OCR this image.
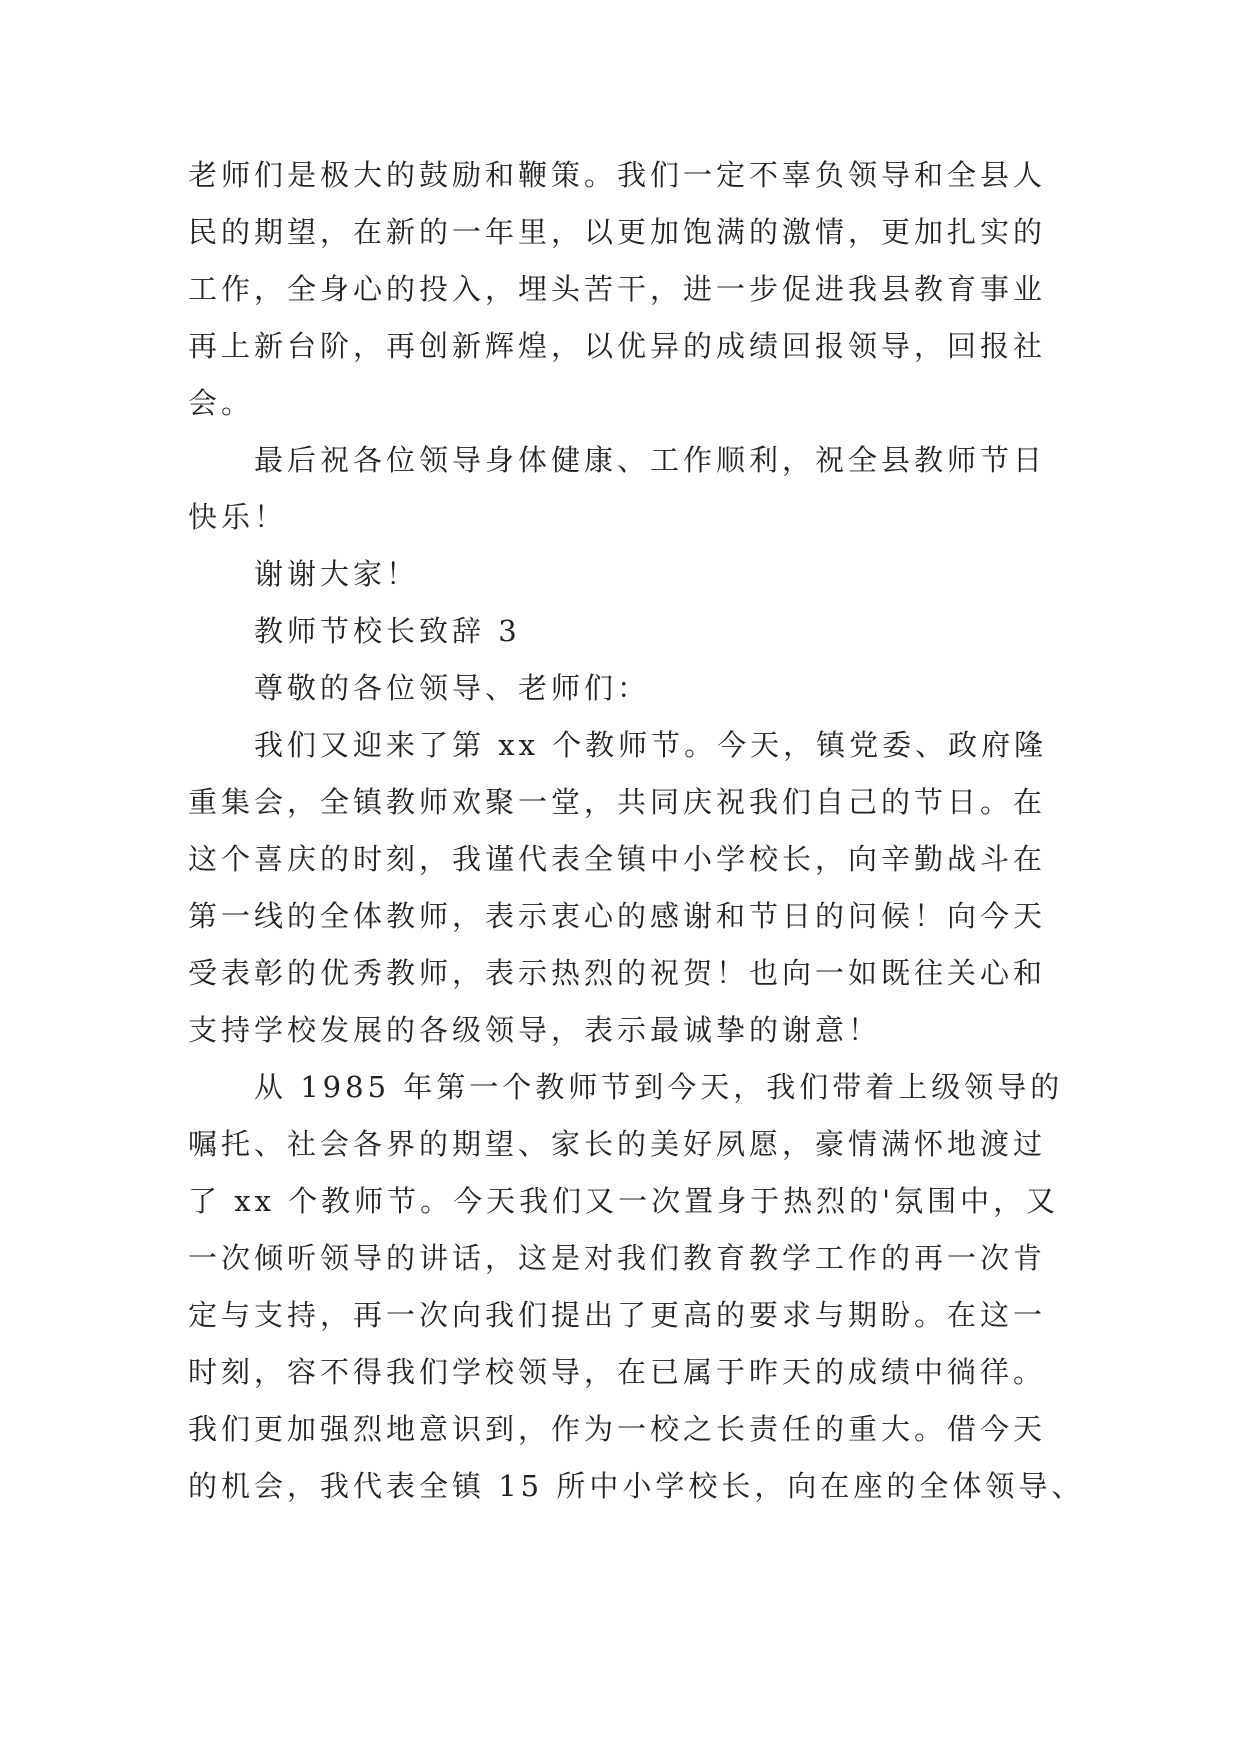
老师们是极大的鼓励和鞭策。我们一定不辜负领导和全县人
民的期望，在新的一年里，以更加饱满的激情，更加扎实的
工作，全身心的投入，埋头苦干，进一步促进我县教育事业
再上新台阶，再创新辉煌，以优异的成绩回报领导，回报社
会。
最后祝各位领导身体健康、工作顺利，祝全县教师节日
快乐！
谢谢大家！
教师节校长致辞 3
尊敬的各位领导、老师们：
我们又迎来了第 xx 个教师节。今天，镇党委、政府隆
重集会，全镇教师欢聚一堂，共同庆祝我们自己的节日。在
这个喜庆的时刻，我谨代表全镇中小学校长，向辛勤战斗在
第一线的全体教师，表示衷心的感谢和节日的问候！向今天
受表彰的优秀教师，表示热烈的祝贺！也向一如既往关心和
支持学校发展的各级领导，表示最诚挚的谢意！
从 1985 年第一个教师节到今天，我们带着上级领导的
嘱托、社会各界的期望、家长的美好夙愿，豪情满怀地渡过
了 xx 个教师节。今天我们又一次置身于热烈的'氛围中，又
一次倾听领导的讲话，这是对我们教育教学工作的再一次肯
定与支持，再一次向我们提出了更高的要求与期盼。在这一
时刻，容不得我们学校领导，在已属于昨天的成绩中徜徉。
我们更加强烈地意识到，作为一校之长责任的重大。借今天
的机会，我代表全镇 15 所中小学校长，向在座的全体领导、
